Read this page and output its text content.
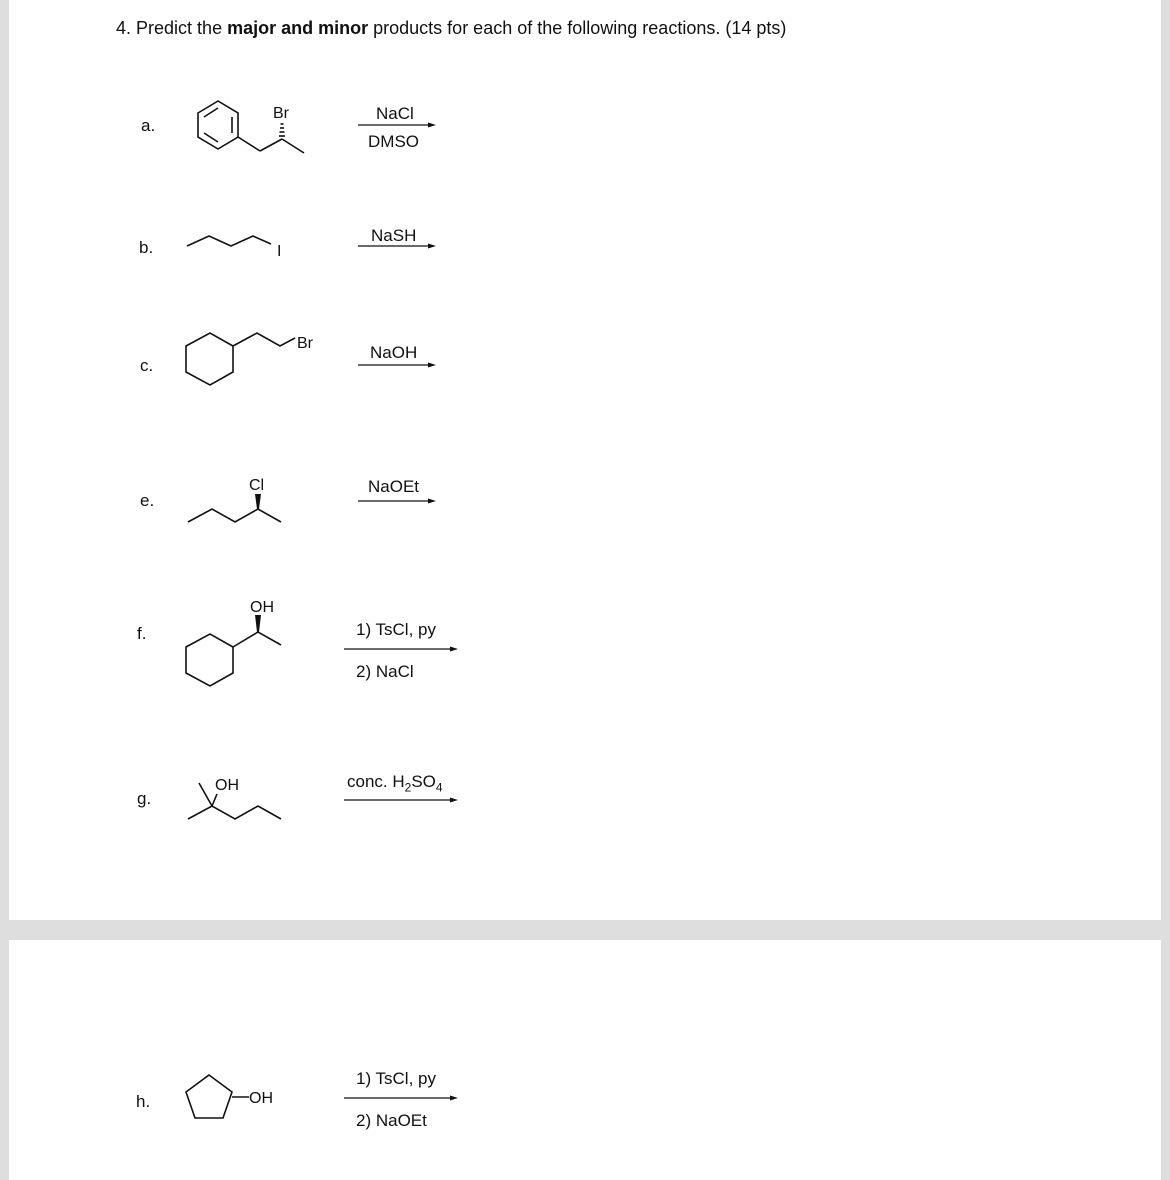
4. Predict the major and minor products for each of the following reactions. (14 pts)
a.
Br	NaCl
DMSO
b.	I
NaSH
c.
Br	NaOH
e.
Cl	NaOEt
f.
OH
1) TsCl, py
2) NaCl
g.
OH	conc. $H_2SO_4$
h.	OH
1) TsCl, py
2) NaOEt
